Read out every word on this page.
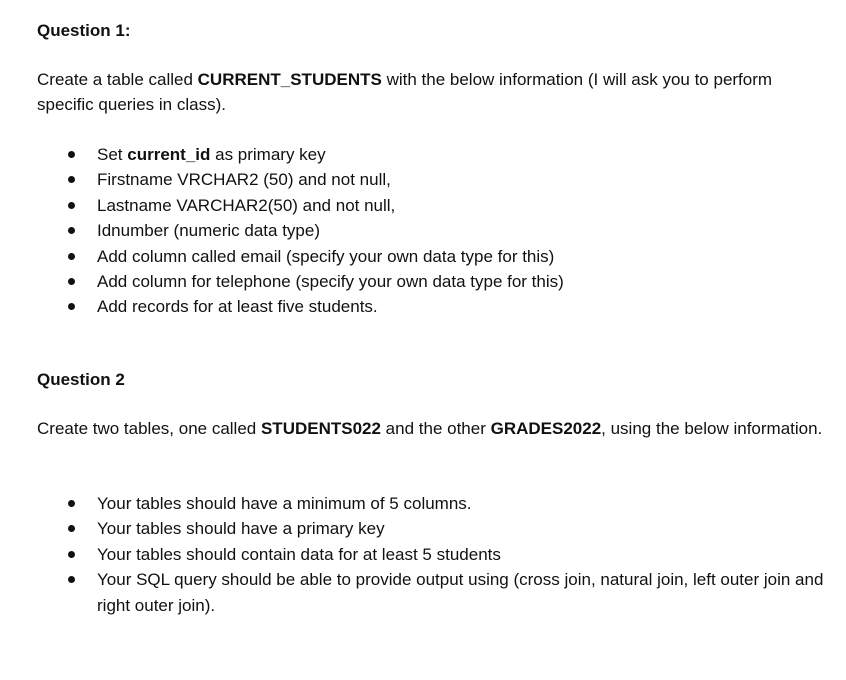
Question 1:
Create a table called CURRENT_STUDENTS with the below information (I will ask you to perform specific queries in class).
Set current_id as primary key
Firstname VRCHAR2 (50) and not null,
Lastname VARCHAR2(50) and not null,
Idnumber (numeric data type)
Add column called email (specify your own data type for this)
Add column for telephone (specify your own data type for this)
Add records for at least five students.
Question 2
Create two tables, one called STUDENTS022 and the other GRADES2022, using the below information.
Your tables should have a minimum of 5 columns.
Your tables should have a primary key
Your tables should contain data for at least 5 students
Your SQL query should be able to provide output using (cross join, natural join, left outer join and right outer join).
